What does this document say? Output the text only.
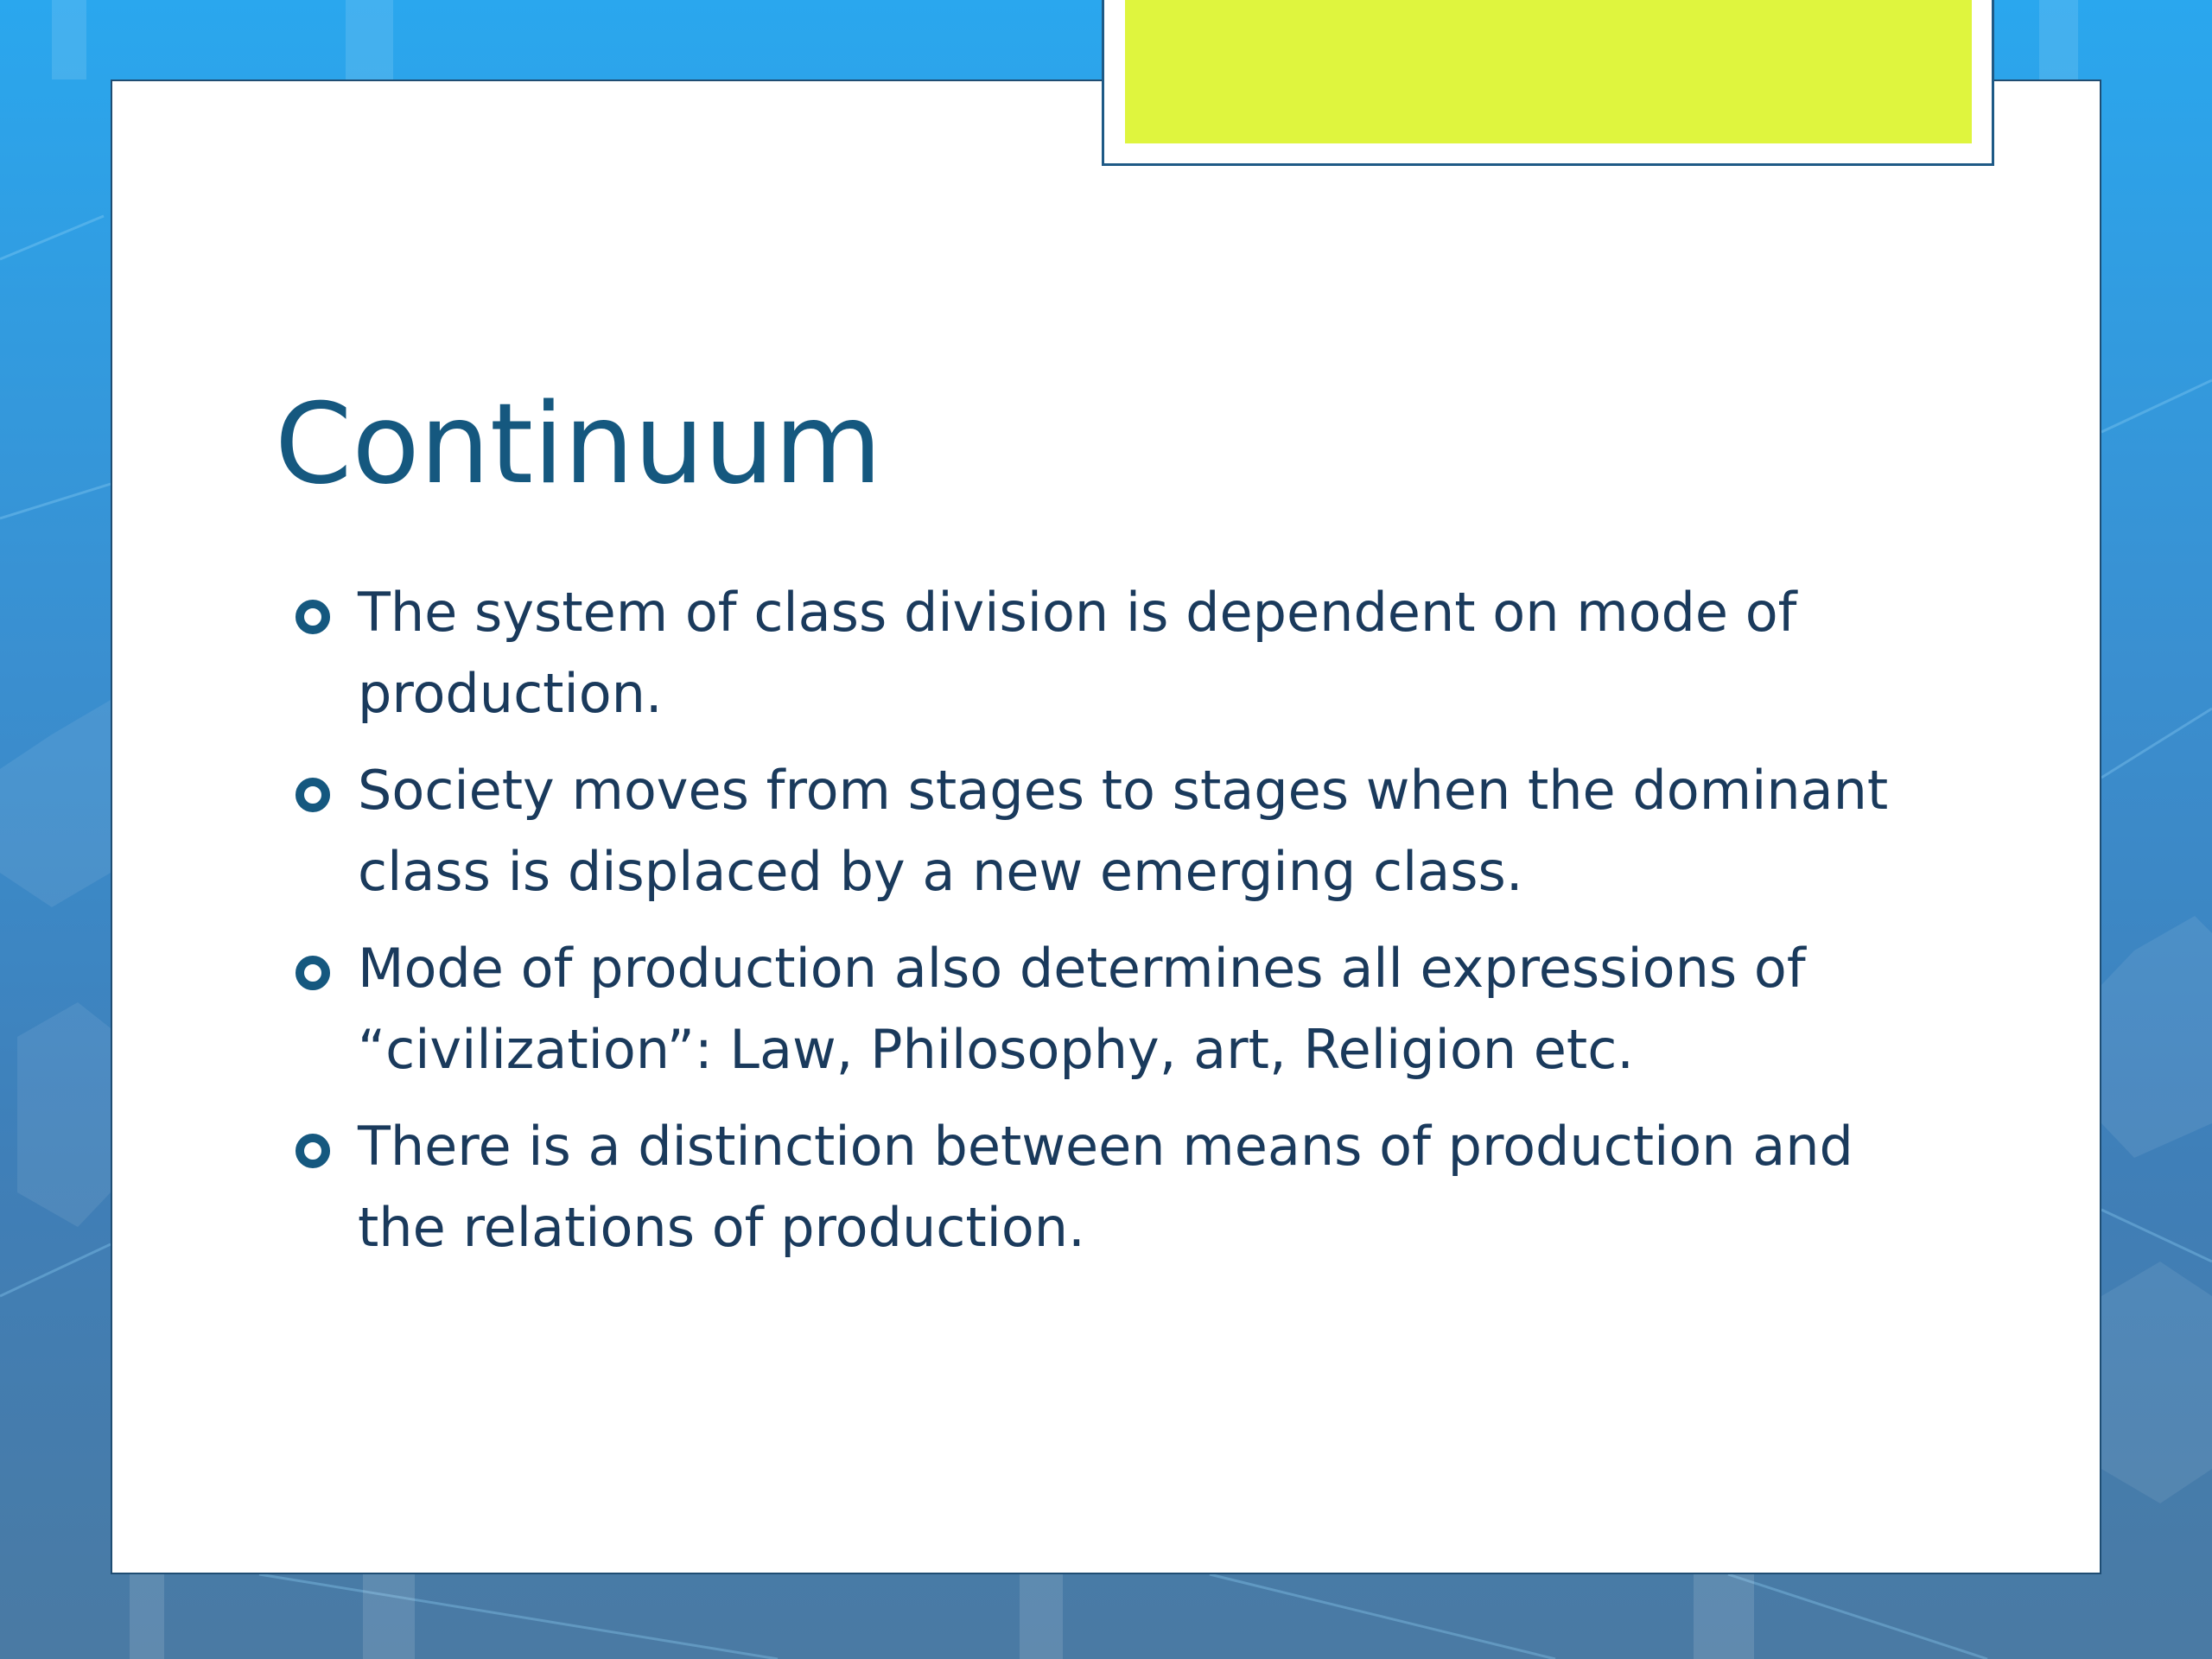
Continuum
The system of class division is dependent on mode of production.
Society moves from stages to stages when the dominant class is displaced by a new emerging class.
Mode of production also determines all expressions of “civilization”: Law, Philosophy, art, Religion etc.
There is a distinction between means of production and the relations of production.
